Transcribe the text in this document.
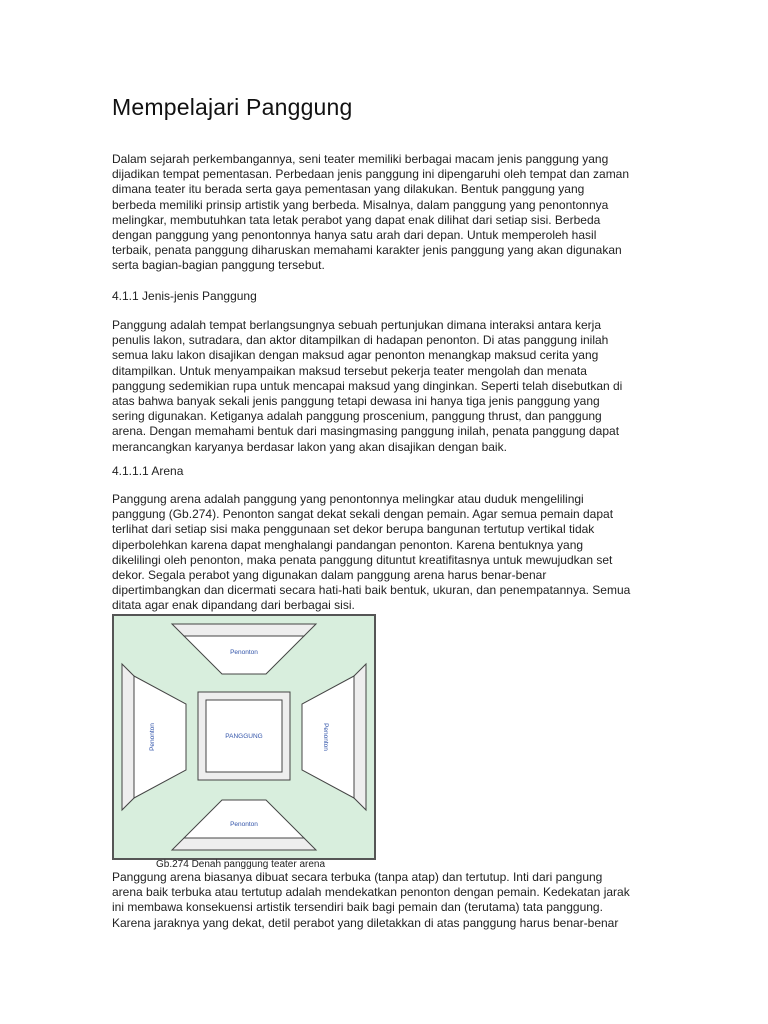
Mempelajari Panggung
Dalam sejarah perkembangannya, seni teater memiliki berbagai macam jenis panggung yang
dijadikan tempat pementasan. Perbedaan jenis panggung ini dipengaruhi oleh tempat dan zaman
dimana teater itu berada serta gaya pementasan yang dilakukan. Bentuk panggung yang
berbeda memiliki prinsip artistik yang berbeda. Misalnya, dalam panggung yang penontonnya
melingkar, membutuhkan tata letak perabot yang dapat enak dilihat dari setiap sisi. Berbeda
dengan panggung yang penontonnya hanya satu arah dari depan. Untuk memperoleh hasil
terbaik, penata panggung diharuskan memahami karakter jenis panggung yang akan digunakan
serta bagian-bagian panggung tersebut.
4.1.1 Jenis-jenis Panggung
Panggung adalah tempat berlangsungnya sebuah pertunjukan dimana interaksi antara kerja
penulis lakon, sutradara, dan aktor ditampilkan di hadapan penonton. Di atas panggung inilah
semua laku lakon disajikan dengan maksud agar penonton menangkap maksud cerita yang
ditampilkan. Untuk menyampaikan maksud tersebut pekerja teater mengolah dan menata
panggung sedemikian rupa untuk mencapai maksud yang dinginkan. Seperti telah disebutkan di
atas bahwa banyak sekali jenis panggung tetapi dewasa ini hanya tiga jenis panggung yang
sering digunakan. Ketiganya adalah panggung proscenium, panggung thrust, dan panggung
arena. Dengan memahami bentuk dari masingmasing panggung inilah, penata panggung dapat
merancangkan karyanya berdasar lakon yang akan disajikan dengan baik.
4.1.1.1 Arena
Panggung arena adalah panggung yang penontonnya melingkar atau duduk mengelilingi
panggung (Gb.274). Penonton sangat dekat sekali dengan pemain. Agar semua pemain dapat
terlihat dari setiap sisi maka penggunaan set dekor berupa bangunan tertutup vertikal tidak
diperbolehkan karena dapat menghalangi pandangan penonton. Karena bentuknya yang
dikelilingi oleh penonton, maka penata panggung dituntut kreatifitasnya untuk mewujudkan set
dekor. Segala perabot yang digunakan dalam panggung arena harus benar-benar
dipertimbangkan dan dicermati secara hati-hati baik bentuk, ukuran, dan penempatannya. Semua
ditata agar enak dipandang dari berbagai sisi.
Penonton
Penonton
Penonton	Penonton
PANGGUNG
Gb.274 Denah panggung teater arena
Panggung arena biasanya dibuat secara terbuka (tanpa atap) dan tertutup. Inti dari pangung
arena baik terbuka atau tertutup adalah mendekatkan penonton dengan pemain. Kedekatan jarak
ini membawa konsekuensi artistik tersendiri baik bagi pemain dan (terutama) tata panggung.
Karena jaraknya yang dekat, detil perabot yang diletakkan di atas panggung harus benar-benar
